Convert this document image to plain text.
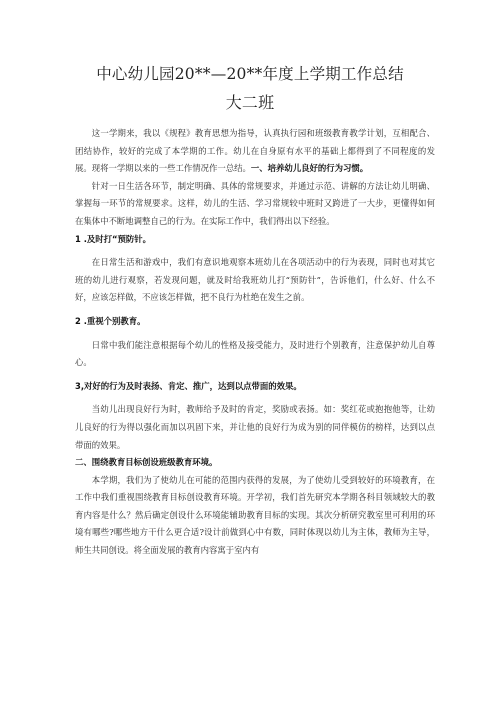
中心幼儿园20**—20**年度上学期工作总结
大二班

这一学期来，我以《规程》教育思想为指导，认真执行园和班级教育教学计划，互相配合、团结协作，较好的完成了本学期的工作。幼儿在自身原有水平的基础上都得到了不同程度的发展。现将一学期以来的一些工作情况作一总结。一、培养幼儿良好的行为习惯。

针对一日生活各环节，制定明确、具体的常规要求，并通过示范、讲解的方法让幼儿明确、掌握每一环节的常规要求。这样，幼儿的生活、学习常规较中班时又跨进了一大步，更懂得如何在集体中不断地调整自己的行为。在实际工作中，我们得出以下经验。

1 .及时打“预防针。

在日常生活和游戏中，我们有意识地观察本班幼儿在各项活动中的行为表现，同时也对其它班的幼儿进行观察，若发现问题，就及时给我班幼儿打“预防针”，告诉他们，什么好、什么不好，应该怎样做，不应该怎样做，把不良行为杜绝在发生之前。

2 .重视个别教育。

日常中我们能注意根据每个幼儿的性格及接受能力，及时进行个别教育，注意保护幼儿自尊心。

3,对好的行为及时表扬、肯定、推广，达到以点带面的效果。

当幼儿出现良好行为时，教师给予及时的肯定，奖励或表扬。如：奖红花或抱抱他等，让幼儿良好的行为得以强化而加以巩固下来，并让他的良好行为成为别的同伴模仿的榜样，达到以点带面的效果。

二、围绕教育目标创设班级教育环境。

本学期，我们为了使幼儿在可能的范围内获得的发展，为了使幼儿受到较好的环境教育，在工作中我们重视围绕教育目标创设教育环境。开学初，我们首先研究本学期各科目领域较大的教育内容是什么？然后确定创设什么环境能辅助教育目标的实现。其次分析研究教室里可利用的环境有哪些?哪些地方干什么更合适?设计前做到心中有数，同时体现以幼儿为主体，教师为主导，师生共同创设。将全面发展的教育内容寓于室内有
